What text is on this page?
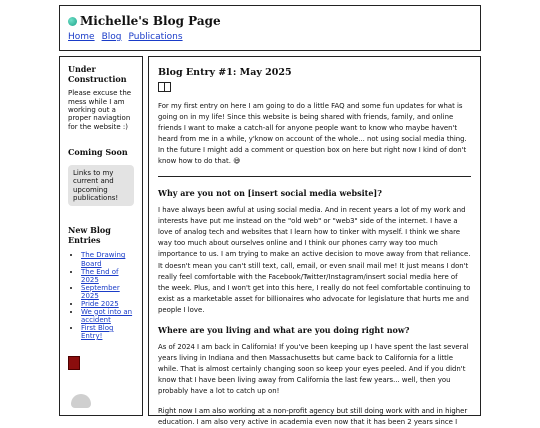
Michelle's Blog Page
Home Blog Publications
Under Construction
Please excuse the mess while I am working out a proper naviagtion for the website :)
Coming Soon
Links to my current and upcoming publications!
New Blog Entries
• The Drawing Board
• The End of 2025
• September 2025
• Pride 2025
• We got into an accident
• First Blog Entry!
Blog Entry #1: May 2025

For my first entry on here I am going to do a little FAQ and some fun updates for what is going on in my life! Since this website is being shared with friends, family, and online friends I want to make a catch-all for anyone people want to know who maybe haven't heard from me in a while, y'know on account of the whole... not using social media thing. In the future I might add a comment or question box on here but right now I kind of don't know how to do that. 😅

Why are you not on [insert social media website]?

I have always been awful at using social media. And in recent years a lot of my work and interests have put me instead on the "old web" or "web3" side of the internet. I have a love of analog tech and websites that I learn how to tinker with myself. I think we share way too much about ourselves online and I think our phones carry way too much importance to us. I am trying to make an active decision to move away from that reliance. It doesn't mean you can't still text, call, email, or even snail mail me! It just means I don't really feel comfortable with the Facebook/Twitter/Instagram/insert social media here of the week. Plus, and I won't get into this here, I really do not feel comfortable continuing to exist as a marketable asset for billionaires who advocate for legislature that hurts me and people I love.

Where are you living and what are you doing right now?

As of 2024 I am back in California! If you've been keeping up I have spent the last several years living in Indiana and then Massachusetts but came back to California for a little while. That is almost certainly changing soon so keep your eyes peeled. And if you didn't know that I have been living away from California the last few years... well, then you probably have a lot to catch up on!

Right now I am also working at a non-profit agency but still doing work with and in higher education. I am also very active in academia even now that it has been 2 years since I
